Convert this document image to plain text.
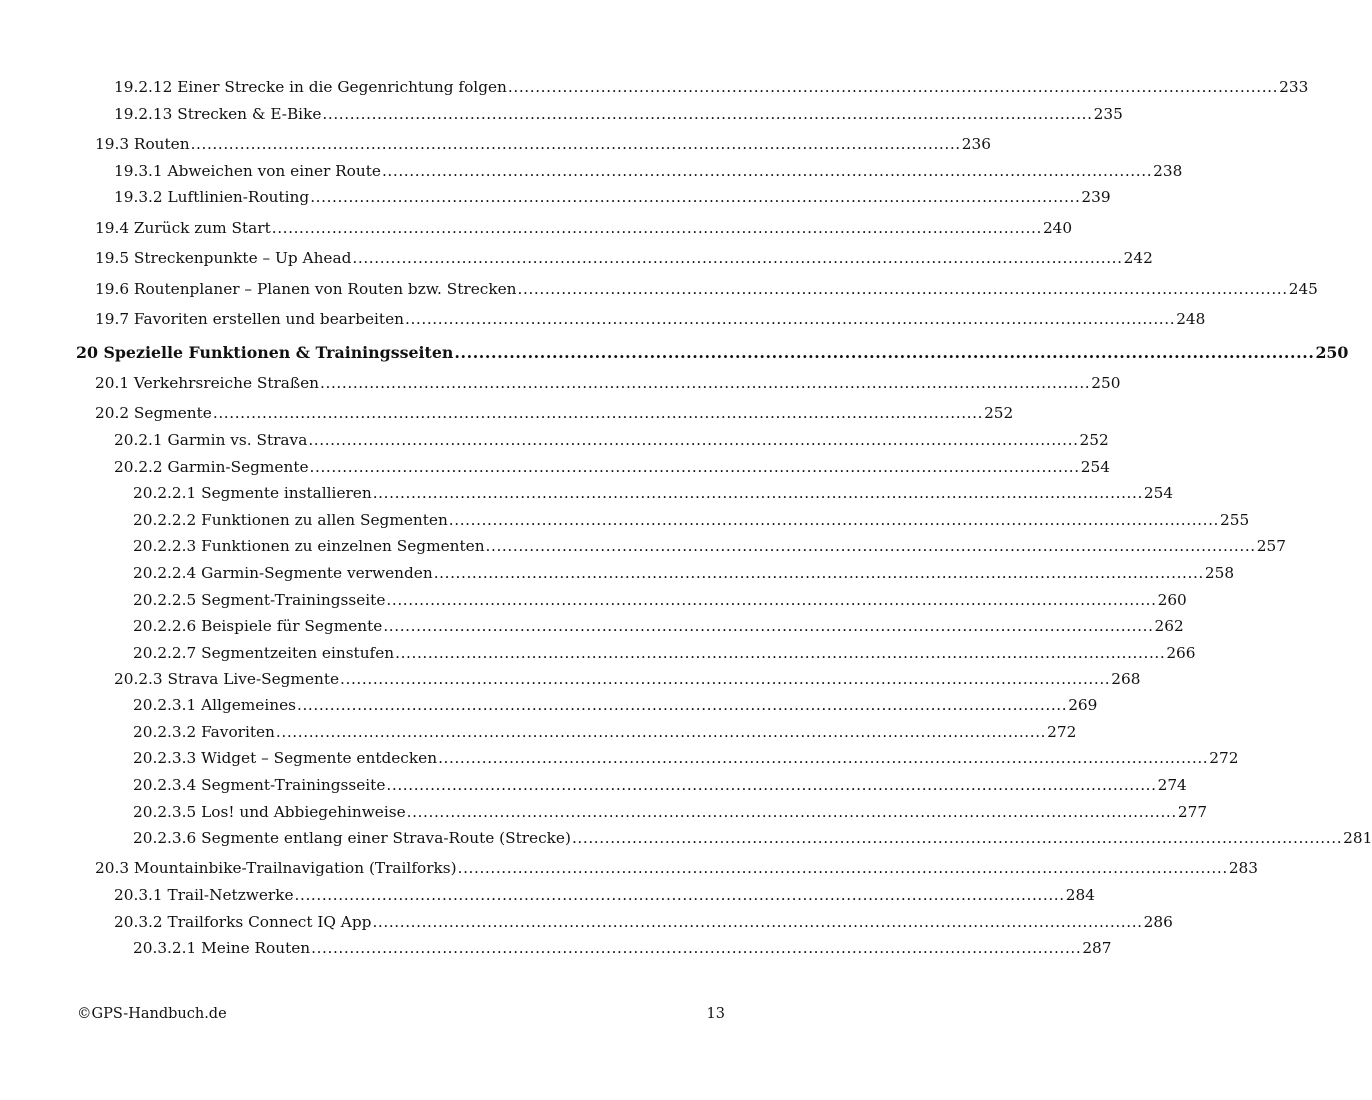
19.2.12 Einer Strecke in die Gegenrichtung folgen ............................................................................................................................................. 233
19.2.13 Strecken & E-Bike ............................................................................................................................................. 235
19.3 Routen ............................................................................................................................................. 236
19.3.1 Abweichen von einer Route ............................................................................................................................................. 238
19.3.2 Luftlinien-Routing ............................................................................................................................................. 239
19.4 Zurück zum Start ............................................................................................................................................. 240
19.5 Streckenpunkte – Up Ahead ............................................................................................................................................. 242
19.6 Routenplaner – Planen von Routen bzw. Strecken ............................................................................................................................................. 245
19.7 Favoriten erstellen und bearbeiten ............................................................................................................................................. 248
20 Spezielle Funktionen & Trainingsseiten ............................................................................................................................................. 250
20.1 Verkehrsreiche Straßen ............................................................................................................................................. 250
20.2 Segmente ............................................................................................................................................. 252
20.2.1 Garmin vs. Strava ............................................................................................................................................. 252
20.2.2 Garmin-Segmente ............................................................................................................................................. 254
20.2.2.1 Segmente installieren ............................................................................................................................................. 254
20.2.2.2 Funktionen zu allen Segmenten ............................................................................................................................................. 255
20.2.2.3 Funktionen zu einzelnen Segmenten ............................................................................................................................................. 257
20.2.2.4 Garmin-Segmente verwenden ............................................................................................................................................. 258
20.2.2.5 Segment-Trainingsseite ............................................................................................................................................. 260
20.2.2.6 Beispiele für Segmente ............................................................................................................................................. 262
20.2.2.7 Segmentzeiten einstufen ............................................................................................................................................. 266
20.2.3 Strava Live-Segmente ............................................................................................................................................. 268
20.2.3.1 Allgemeines ............................................................................................................................................. 269
20.2.3.2 Favoriten ............................................................................................................................................. 272
20.2.3.3 Widget – Segmente entdecken ............................................................................................................................................. 272
20.2.3.4 Segment-Trainingsseite ............................................................................................................................................. 274
20.2.3.5 Los! und Abbiegehinweise ............................................................................................................................................. 277
20.2.3.6 Segmente entlang einer Strava-Route (Strecke) ............................................................................................................................................. 281
20.3 Mountainbike-Trailnavigation (Trailforks) ............................................................................................................................................. 283
20.3.1 Trail-Netzwerke ............................................................................................................................................. 284
20.3.2 Trailforks Connect IQ App ............................................................................................................................................. 286
20.3.2.1 Meine Routen ............................................................................................................................................. 287
©GPS-Handbuch.de	13
